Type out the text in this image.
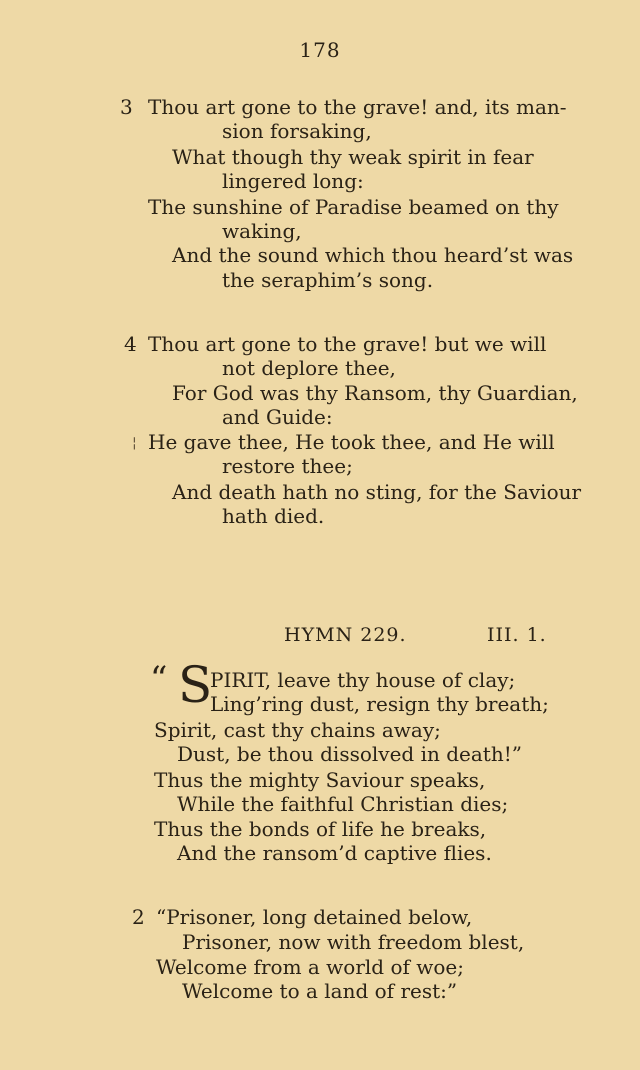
178
3 Thou art gone to the grave! and, its man-
sion forsaking,
What though thy weak spirit in fear
lingered long:
The sunshine of Paradise beamed on thy
waking,
And the sound which thou heard’st was
the seraphim’s song.
4 Thou art gone to the grave! but we will
not deplore thee,
For God was thy Ransom, thy Guardian,
and Guide:
¦ He gave thee, He took thee, and He will
restore thee;
And death hath no sting, for the Saviour
hath died.
HYMN 229.	III. 1.
“ S
PIRIT, leave thy house of clay;
Ling’ring dust, resign thy breath;
Spirit, cast thy chains away;
Dust, be thou dissolved in death!”
Thus the mighty Saviour speaks,
While the faithful Christian dies;
Thus the bonds of life he breaks,
And the ransom’d captive flies.
2 “Prisoner, long detained below,
Prisoner, now with freedom blest,
Welcome from a world of woe;
Welcome to a land of rest:”
